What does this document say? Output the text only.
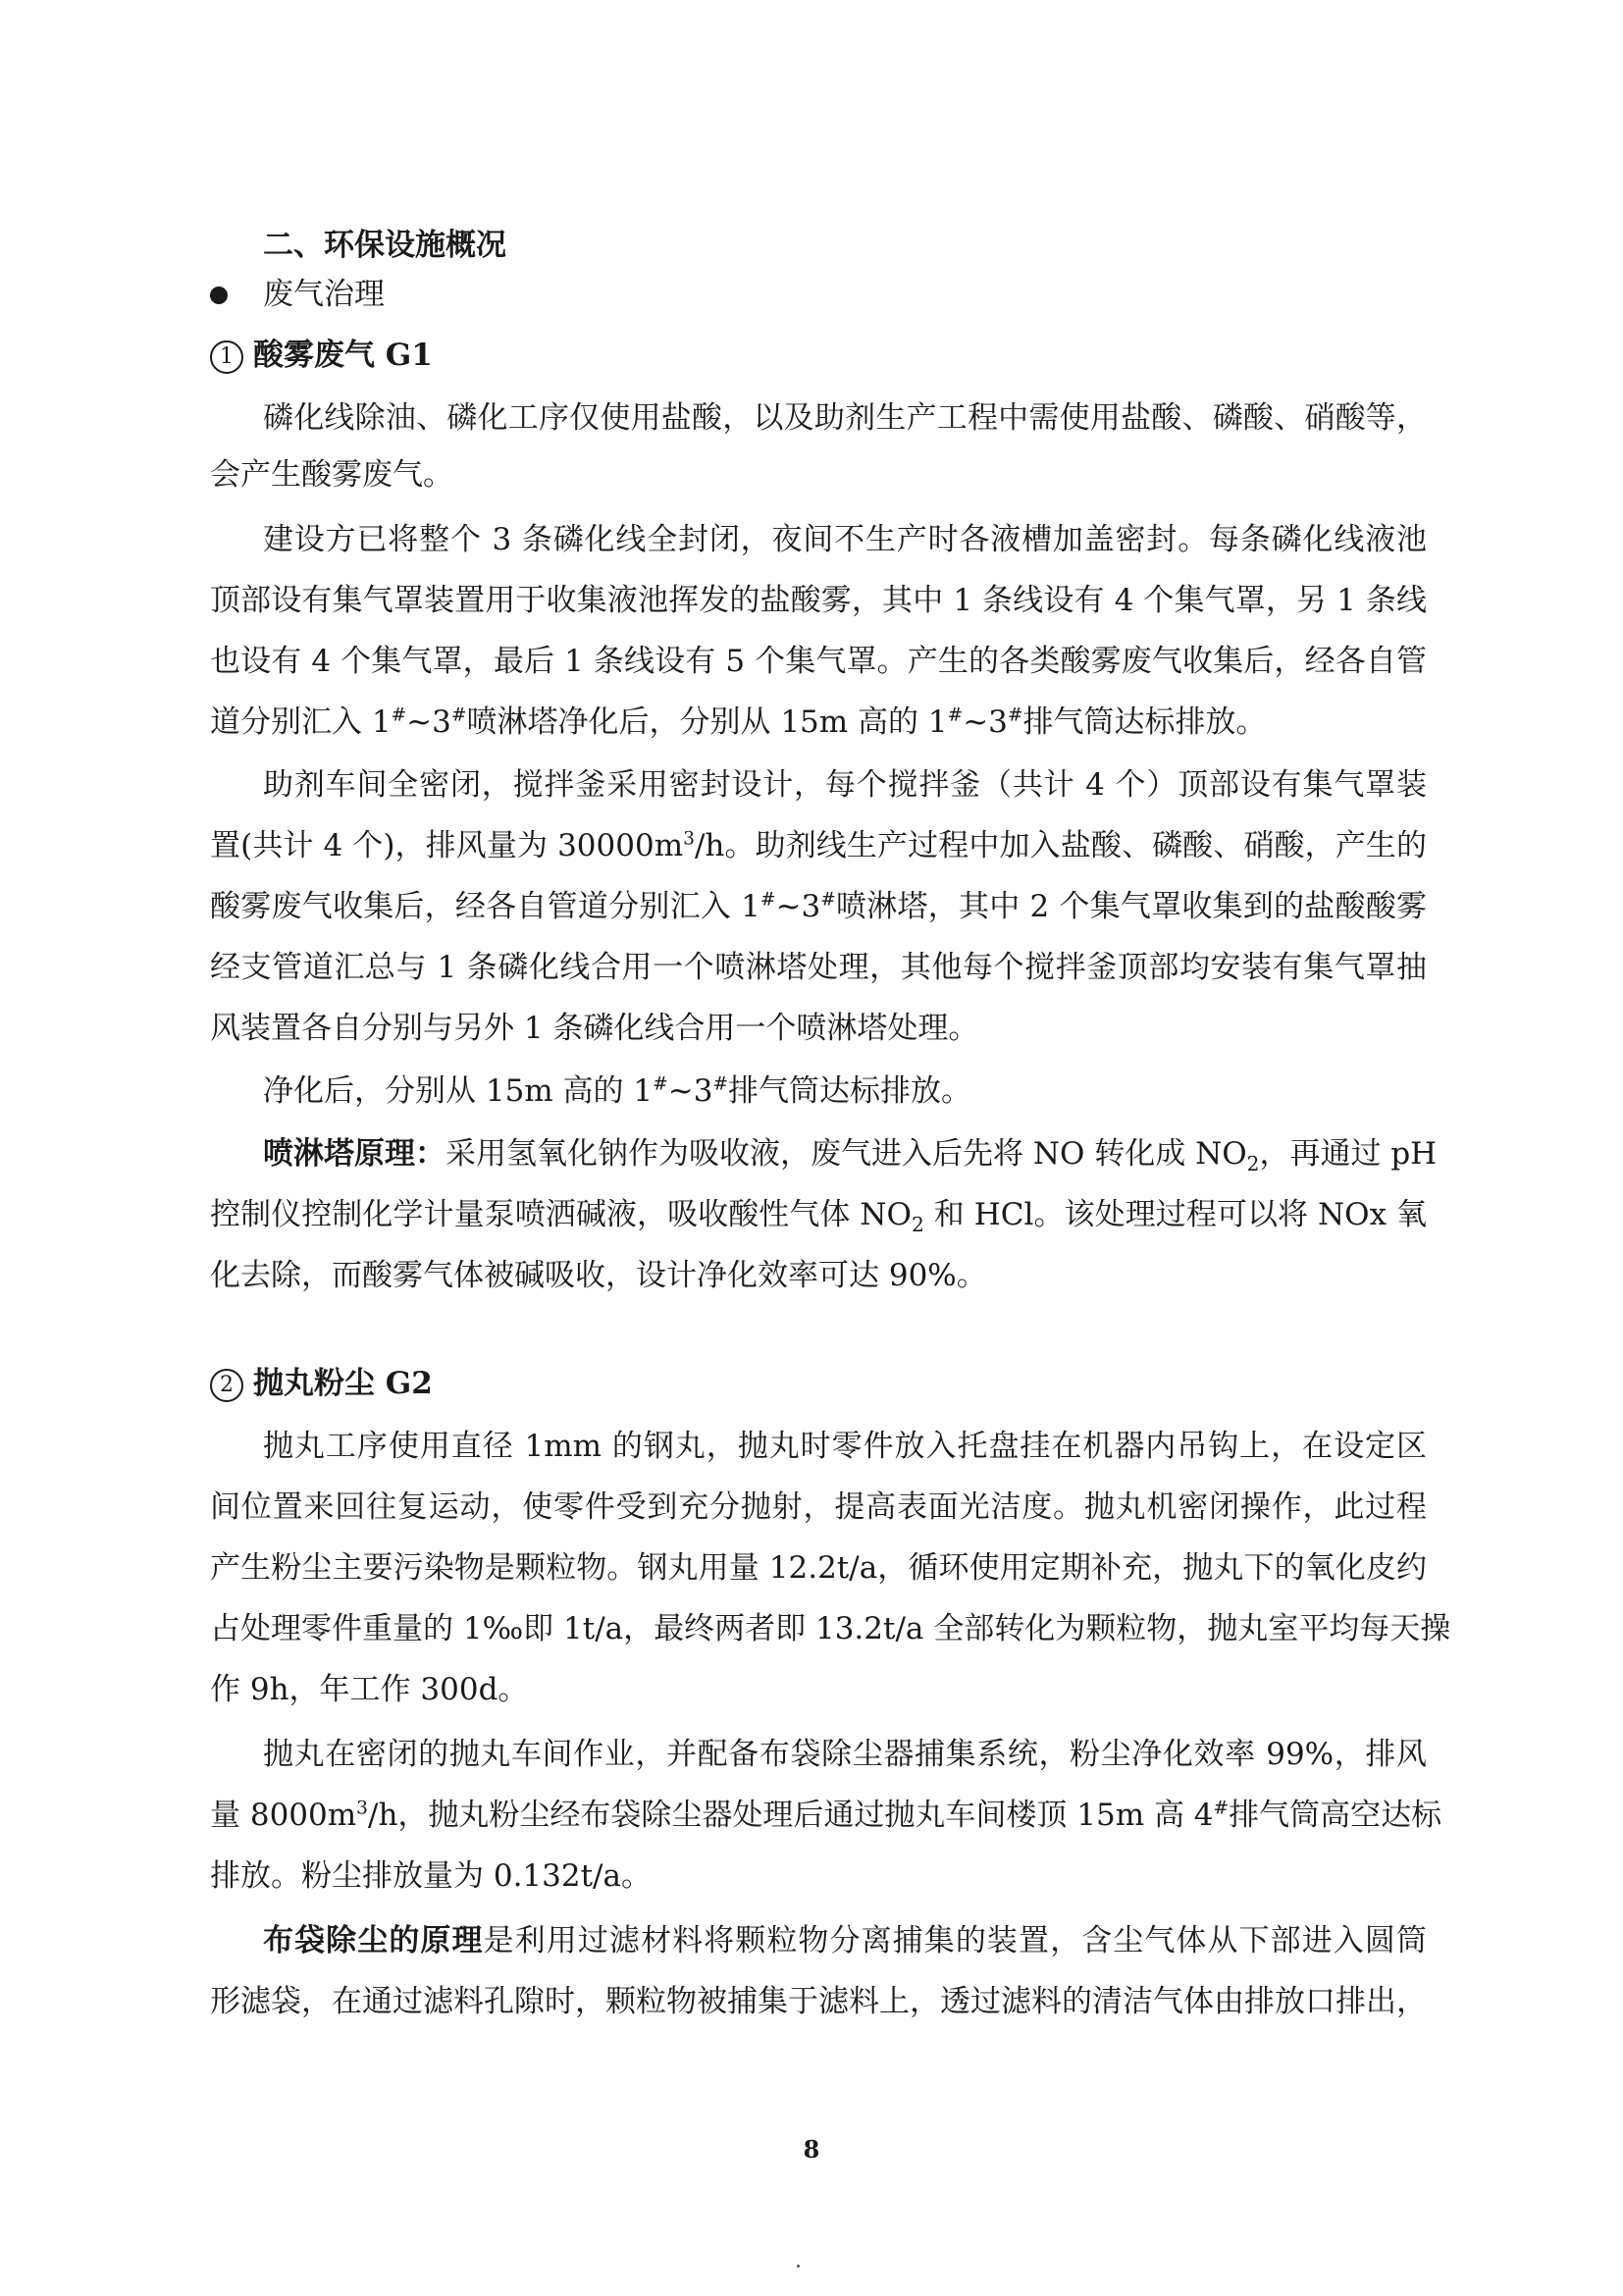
二、环保设施概况
废气治理
1 酸雾废气 G1
磷化线除油、磷化工序仅使用盐酸，以及助剂生产工程中需使用盐酸、磷酸、硝酸等，
会产生酸雾废气。
建设方已将整个 3 条磷化线全封闭，夜间不生产时各液槽加盖密封。每条磷化线液池
顶部设有集气罩装置用于收集液池挥发的盐酸雾，其中 1 条线设有 4 个集气罩，另 1 条线
也设有 4 个集气罩，最后 1 条线设有 5 个集气罩。产生的各类酸雾废气收集后，经各自管
道分别汇入 1#~3#喷淋塔净化后，分别从 15m 高的 1#~3#排气筒达标排放。
助剂车间全密闭，搅拌釜采用密封设计，每个搅拌釜（共计 4 个）顶部设有集气罩装
置(共计 4 个)，排风量为 $30000m^3/h$。助剂线生产过程中加入盐酸、磷酸、硝酸，产生的
酸雾废气收集后，经各自管道分别汇入 1#~3#喷淋塔，其中 2 个集气罩收集到的盐酸酸雾
经支管道汇总与 1 条磷化线合用一个喷淋塔处理，其他每个搅拌釜顶部均安装有集气罩抽
风装置各自分别与另外 1 条磷化线合用一个喷淋塔处理。
净化后，分别从 15m 高的 1#~3#排气筒达标排放。
喷淋塔原理：采用氢氧化钠作为吸收液，废气进入后先将 NO 转化成 $NO_2$，再通过 pH
控制仪控制化学计量泵喷洒碱液，吸收酸性气体 $NO_2$ 和 HCl。该处理过程可以将 NOx 氧
化去除，而酸雾气体被碱吸收，设计净化效率可达 90%。
2 抛丸粉尘 G2
抛丸工序使用直径 1mm 的钢丸，抛丸时零件放入托盘挂在机器内吊钩上，在设定区
间位置来回往复运动，使零件受到充分抛射，提高表面光洁度。抛丸机密闭操作，此过程
产生粉尘主要污染物是颗粒物。钢丸用量 12.2t/a，循环使用定期补充，抛丸下的氧化皮约
占处理零件重量的 1‰即 1t/a，最终两者即 13.2t/a 全部转化为颗粒物，抛丸室平均每天操
作 9h，年工作 300d。
抛丸在密闭的抛丸车间作业，并配备布袋除尘器捕集系统，粉尘净化效率 99%，排风
量 $8000m^3/h$，抛丸粉尘经布袋除尘器处理后通过抛丸车间楼顶 15m 高 4#排气筒高空达标
排放。粉尘排放量为 0.132t/a。
布袋除尘的原理是利用过滤材料将颗粒物分离捕集的装置，含尘气体从下部进入圆筒
形滤袋，在通过滤料孔隙时，颗粒物被捕集于滤料上，透过滤料的清洁气体由排放口排出，
8
